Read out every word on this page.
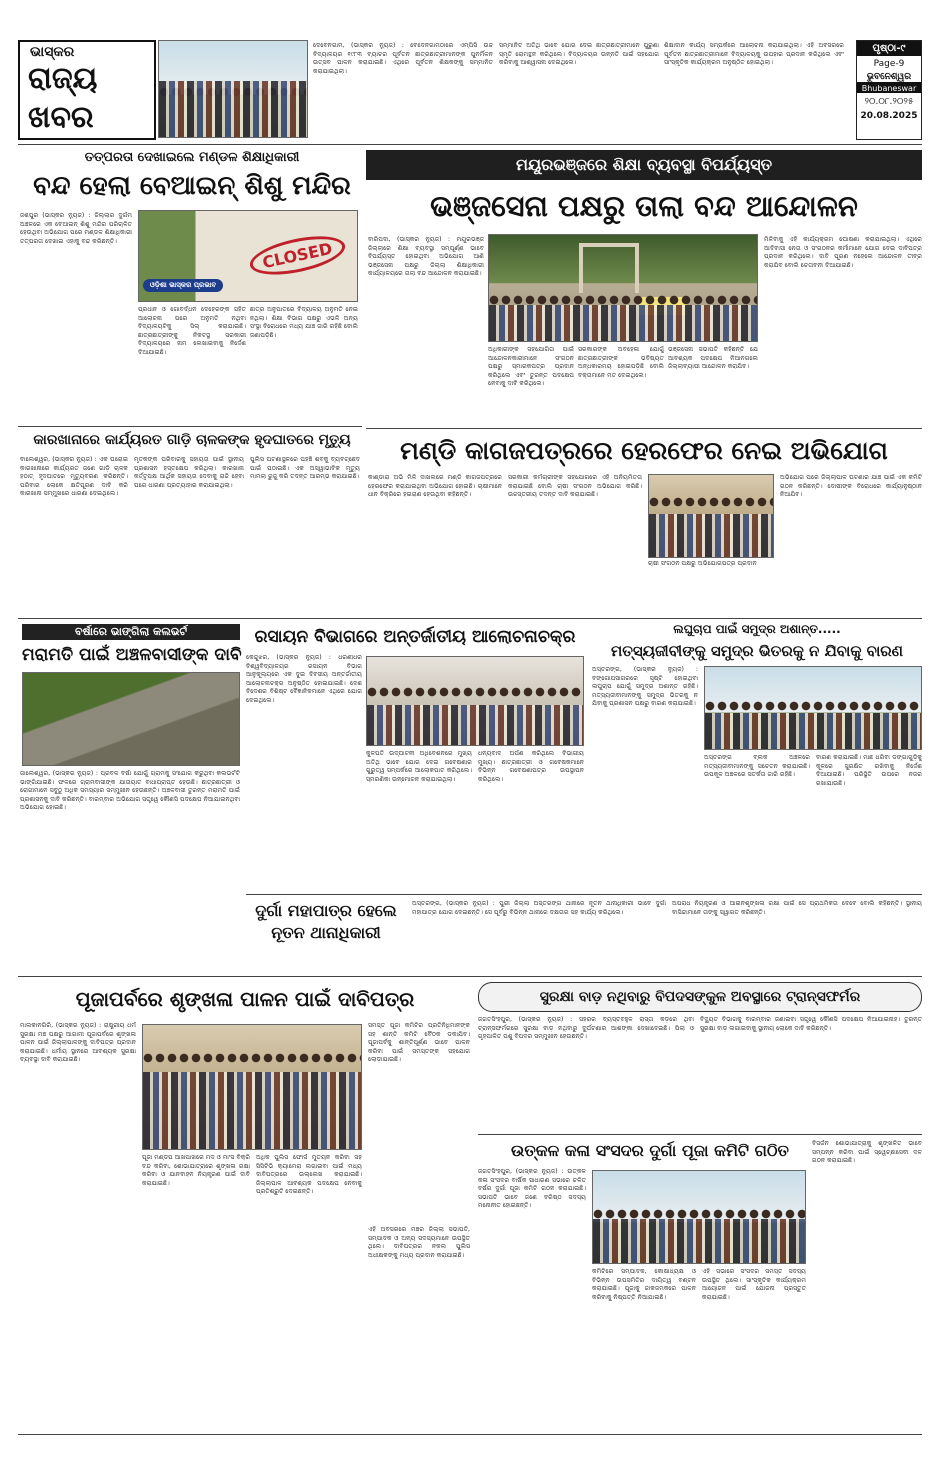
ଭାସ୍କର
ରାଜ୍ୟ
ଖବର
ଦେବେନଗାମ, (ଭାସ୍କର ନ୍ୟୁଜ) : ବେଦେନଗାମଠାରେ ଏମ୍‌ପିସି ଉଚ୍ଚ ବିଦ୍ୟାଳୟର ୧୯୮୩ ବ୍ୟାଚର ପୂର୍ବତନ ଛାତ୍ରଛାତ୍ରୀମାନଙ୍କ ପୁନର୍ମିଳନ ଉତ୍ସବ ପାଳନ କରାଯାଇଛି। ଏଥିରେ ପୂର୍ବତନ ଶିକ୍ଷକଙ୍କୁ ସମ୍ମାନିତ କରାଯାଇଥିଲା।
ସମ୍ମାନିତ ଅତିଥି ଭାବେ ଯୋଗ ଦେଇ ଛାତ୍ରଛାତ୍ରୀମାନେ ପୁରୁଣା ସ୍ମୃତି ରୋମନ୍ଥନ କରିଥିଲେ। ବିଦ୍ୟାଳୟର ଉନ୍ନତି ପାଇଁ ସହଯୋଗ କରିବାକୁ ଆଶ୍ୱାସନା ଦେଇଥିଲେ।
ଶିକ୍ଷାଦାନ କାର୍ଯ୍ୟ ସମ୍ପର୍କରେ ଆଲୋଚନା କରାଯାଇଥିଲା। ଏହି ଅବସରରେ ପୂର୍ବତନ ଛାତ୍ରଛାତ୍ରୀମାନେ ବିଦ୍ୟାଳୟକୁ ଉପହାର ପ୍ରଦାନ କରିଥିଲେ ଏବଂ ସାଂସ୍କୃତିକ କାର୍ଯ୍ୟକ୍ରମ ଅନୁଷ୍ଠିତ ହୋଇଥିଲା।
ପୃଷ୍ଠା-୯
Page-9
ଭୁବନେଶ୍ୱର
Bhubaneswar
୨୦.୦୮.୨୦୨୫
20.08.2025
ତତ୍ପରତା ଦେଖାଇଲେ ମଣ୍ଡଳ ଶିକ୍ଷାଧିକାରୀ
ବନ୍ଦ ହେଲା ବେଆଇନ୍ ଶିଶୁ ମନ୍ଦିର
ଜଶପୁର (ଭାସ୍କର ନ୍ୟୁଜ) : ଜିଲ୍ଲାର ଦୁର୍ଗମ ଅଞ୍ଚଳରେ ଏକ ବେଆଇନ୍ ଶିଶୁ ମନ୍ଦିର ପରିଚାଳିତ ହେଉଥିବା ଅଭିଯୋଗ ପରେ ମଣ୍ଡଳ ଶିକ୍ଷାଧିକାରୀ ତତ୍ପରତା ଦେଖାଇ ଏହାକୁ ବନ୍ଦ କରିଛନ୍ତି।	CLOSED
ଓଡ଼ିଶା ଭାସ୍କର ପ୍ରଭାବ
ପ୍ରଧାନ ଓ ଗୋବର୍ଦ୍ଧନ ଦେହେରଙ୍କ ସହିତ ଆଲୋଚନା ପରେ ଅନୁମତି ନଥିବା ବିଦ୍ୟାଳୟଟିକୁ ସିଲ୍ କରାଯାଇଛି। ଛାତ୍ରଛାତ୍ରୀଙ୍କୁ ନିକଟସ୍ଥ ସରକାରୀ ବିଦ୍ୟାଳୟରେ ନାମ ଲେଖାଇବାକୁ ନିର୍ଦ୍ଦେଶ ଦିଆଯାଇଛି।
ଛାତ୍ର ଅନୁପାତରେ ବିଦ୍ୟାଳୟ ଅନୁମତି ନେଇ ନଥିଲା। ଶିକ୍ଷା ବିଭାଗ ପକ୍ଷରୁ ଏଭଳି ଅନ୍ୟ ସଂସ୍ଥା ବିରୋଧରେ ମଧ୍ୟ ଯାଞ୍ଚ ଜାରି ରହିଛି ବୋଲି ଜଣାପଡ଼ିଛି।
ମୟୂରଭଞ୍ଜରେ ଶିକ୍ଷା ବ୍ୟବସ୍ଥା ବିପର୍ଯ୍ୟସ୍ତ
ଭଞ୍ଜସେନା ପକ୍ଷରୁ ତାଲା ବନ୍ଦ ଆନ୍ଦୋଳନ
ବାରିପଦା, (ଭାସ୍କର ନ୍ୟୁଜ) : ମୟୂରଭଞ୍ଜ ଜିଲ୍ଲାରେ ଶିକ୍ଷା ବ୍ୟବସ୍ଥା ସମ୍ପୂର୍ଣ୍ଣ ଭାବେ ବିପର୍ଯ୍ୟସ୍ତ ହୋଇଥିବା ଅଭିଯୋଗ ଆଣି ଭଞ୍ଜସେନା ପକ୍ଷରୁ ଜିଲ୍ଲା ଶିକ୍ଷାଧିକାରୀ କାର୍ଯ୍ୟାଳୟରେ ତାଲା ବନ୍ଦ ଆନ୍ଦୋଳନ କରାଯାଇଛି।
ମିଳିବାକୁ ଏହି କାର୍ଯ୍ୟକ୍ରମ ଘୋଷଣା କରାଯାଇଥିଲା। ଏଥିରେ ଆଦିବାସୀ ନେତା ଓ ସଂଗଠନର କର୍ମୀମାନେ ଯୋଗ ଦେଇ ଦାବିପତ୍ର ପ୍ରଦାନ କରିଥିଲେ। ଦାବି ପୂରଣ ନହେଲେ ଆନ୍ଦୋଳନ ତୀବ୍ର କରାଯିବ ବୋଲି ଚେତାବନୀ ଦିଆଯାଇଛି।
ଅଧିକାରୀଙ୍କ ସହଯୋଗିତା ପାଇଁ ଆନ୍ଦୋଳନକାରୀମାନେ ସଂଗଠନ ପକ୍ଷରୁ ସ୍ମାରକପତ୍ର ପ୍ରଦାନ କରିଥିଲେ ଏବଂ ତୁରନ୍ତ ପଦକ୍ଷେପ ନେବାକୁ ଦାବି କରିଥିଲେ।
ସରକାରଙ୍କ ଅବହେଳା ଯୋଗୁଁ ଛାତ୍ରଛାତ୍ରୀଙ୍କ ଭବିଷ୍ୟତ ଅନ୍ଧକାରମୟ ହୋଇପଡ଼ିଛି ବୋଲି ବକ୍ତାମାନେ ମତ ଦେଇଥିଲେ।
ଭଞ୍ଜସେନା ସଭାପତି କହିଛନ୍ତି ଯେ ଆବଶ୍ୟକ ପଦକ୍ଷେପ ନିଆନଗଲେ ଜିଲ୍ଲାବ୍ୟାପୀ ଆନ୍ଦୋଳନ କରାଯିବ।
କାରଖାନାରେ କାର୍ଯ୍ୟରତ ଗାଡ଼ି ଚାଳକଙ୍କ ହୃଦଘାତରେ ମୃତ୍ୟୁ
ବାଲେଶ୍ୱର, (ଭାସ୍କର ନ୍ୟୁଜ) : ଏକ ଘରୋଇ କାରଖାନାରେ କାର୍ଯ୍ୟରତ ଜଣେ ଗାଡ଼ି ଚାଳକ ହଠାତ୍ ହୃଦଘାତରେ ମୃତ୍ୟୁବରଣ କରିଛନ୍ତି। ପରିବାର ଲୋକେ କ୍ଷତିପୂରଣ ଦାବି କରି କାରଖାନା ସମ୍ମୁଖରେ ଧାରଣା ଦେଇଥିଲେ।
ମୃତକଙ୍କ ପରିବାରକୁ ସହାୟତା ପାଇଁ ସ୍ଥାନୀୟ ପ୍ରଶାସନ ହସ୍ତକ୍ଷେପ କରିଥିଲା। କାରଖାନା କର୍ତ୍ତୃପକ୍ଷ ଆର୍ଥିକ ସହାୟତା ଦେବାକୁ ରାଜି ହେବା ପରେ ଧାରଣା ପ୍ରତ୍ୟାହାର କରାଯାଇଥିଲା।
ପୁଲିସ ଘଟଣାସ୍ଥଳରେ ପହଞ୍ଚି ଶବକୁ ବ୍ୟବଚ୍ଛେଦ ପାଇଁ ପଠାଇଛି। ଏକ ଅସ୍ୱାଭାବିକ ମୃତ୍ୟୁ ମାମଲା ରୁଜୁ କରି ତଦନ୍ତ ଆରମ୍ଭ କରାଯାଇଛି।
ମଣ୍ଡି କାଗଜପତ୍ରରେ ହେରଫେର ନେଇ ଅଭିଯୋଗ
କାଣ୍ଡାରା ଅଭି ମିଳି ଦାଖଲରେ ମଣ୍ଡି କାଗଜପତ୍ରରେ ହେରଫେର କରାଯାଇଥିବା ଅଭିଯୋଗ ହୋଇଛି। ଚାଷୀମାନେ ଧାନ ବିକ୍ରିରେ ହଇରାଣ ହେଉଥିବା କହିଛନ୍ତି।
ସରକାରୀ କର୍ମଚାରୀଙ୍କ ସହଯୋଗରେ ଏହି ଅନିୟମିତତା କରାଯାଇଛି ବୋଲି ଚାଷୀ ସଂଗଠନ ଅଭିଯୋଗ କରିଛି। ଉଚ୍ଚସ୍ତରୀୟ ତଦନ୍ତ ଦାବି କରାଯାଇଛି।
ଚାଷୀ ସଂଗଠନ ପକ୍ଷରୁ ଅଭିଯୋଗପତ୍ର ପ୍ରଦାନ
ଅଭିଯୋଗ ପରେ ଜିଲ୍ଲାପାଳ ଘଟଣାର ଯାଞ୍ଚ ପାଇଁ ଏକ କମିଟି ଗଠନ କରିଛନ୍ତି। ଦୋଷୀଙ୍କ ବିରୋଧରେ କାର୍ଯ୍ୟାନୁଷ୍ଠାନ ନିଆଯିବ।
ବର୍ଷାରେ ଭାଙ୍ଗିଲା କଲଭର୍ଟ
ମରାମତି ପାଇଁ ଅଞ୍ଚଳବାସୀଙ୍କ ଦାବି
ଜାଲେଶ୍ୱର, (ଭାସ୍କର ନ୍ୟୁଜ) : ପ୍ରବଳ ବର୍ଷା ଯୋଗୁଁ ଗ୍ରାମକୁ ସଂଯୋଗ କରୁଥିବା କଲଭର୍ଟଟି ଭାଙ୍ଗିଯାଇଛି। ଫଳରେ ଗ୍ରାମବାସୀଙ୍କ ଯାତାୟାତ ବାଧାପ୍ରାପ୍ତ ହେଉଛି। ଛାତ୍ରଛାତ୍ରୀ ଓ ରୋଗୀମାନେ ସବୁଠୁ ଅଧିକ ସମସ୍ୟାର ସମ୍ମୁଖୀନ ହେଉଛନ୍ତି। ଅଞ୍ଚଳବାସୀ ତୁରନ୍ତ ମରାମତି ପାଇଁ ପ୍ରଶାସନକୁ ଦାବି କରିଛନ୍ତି। ବାରମ୍ବାର ଅଭିଯୋଗ ସତ୍ତ୍ୱେ କୌଣସି ପଦକ୍ଷେପ ନିଆଯାଇନଥିବା ଅଭିଯୋଗ ହୋଇଛି।
ରସାୟନ ବିଭାଗରେ ଅନ୍ତର୍ଜାତୀୟ ଆଲୋଚନାଚକ୍ର
କେନ୍ଦୁଝର, (ଭାସ୍କର ନ୍ୟୁଜ) : ଧରଣୀଧର ବିଶ୍ୱବିଦ୍ୟାଳୟର ରସାୟନ ବିଭାଗ ଆନୁକୂଲ୍ୟରେ ଏକ ଦୁଇ ଦିବସୀୟ ଅନ୍ତର୍ଜାତୀୟ ଆଲୋଚନାଚକ୍ର ଅନୁଷ୍ଠିତ ହୋଇଯାଇଛି। ଦେଶ ବିଦେଶର ବିଶିଷ୍ଟ ବୈଜ୍ଞାନିକମାନେ ଏଥିରେ ଯୋଗ ଦେଇଥିଲେ।
କୁଳପତି ଉଦ୍‌ଘାଟନୀ ଅଧିବେଶନରେ ମୁଖ୍ୟ ଅତିଥି ଭାବେ ଯୋଗ ଦେଇ ଗବେଷଣାର ଗୁରୁତ୍ୱ ସମ୍ପର୍କରେ ଆଲୋକପାତ କରିଥିଲେ। ସ୍ମରଣିକା ଉନ୍ମୋଚନ କରାଯାଇଥିଲା।
ଧନ୍ୟବାଦ ଅର୍ପଣ କରିଥିଲେ ବିଭାଗୀୟ ମୁଖ୍ୟ। ଛାତ୍ରଛାତ୍ରୀ ଓ ଗବେଷକମାନେ ବିଭିନ୍ନ ଗବେଷଣାପତ୍ର ଉପସ୍ଥାପନ କରିଥିଲେ।
ଲଘୁଚାପ ପାଇଁ ସମୁଦ୍ର ଅଶାନ୍ତ.....
ମତ୍ସ୍ୟଜୀବୀଙ୍କୁ ସମୁଦ୍ର ଭିତରକୁ ନ ଯିବାକୁ ବାରଣ
ଅସ୍ତରଙ୍ଗ, (ଭାସ୍କର ନ୍ୟୁଜ) : ବଙ୍ଗୋପସାଗରରେ ସୃଷ୍ଟି ହୋଇଥିବା ଲଘୁଚାପ ଯୋଗୁଁ ସମୁଦ୍ର ଅଶାନ୍ତ ରହିଛି। ମତ୍ସ୍ୟଜୀବୀମାନଙ୍କୁ ସମୁଦ୍ର ଭିତରକୁ ନ ଯିବାକୁ ପ୍ରଶାସନ ପକ୍ଷରୁ ବାରଣ କରାଯାଇଛି।
ଅସ୍ତରଙ୍ଗ ବ୍ଲକ ଅଞ୍ଚଳରେ ମତ୍ସ୍ୟଜୀବୀମାନଙ୍କୁ ସଚେତନ କରାଯାଇଛି। ଉପକୂଳ ଅଞ୍ଚଳରେ ସତର୍କତା ଜାରି ରହିଛି।
ବାରଣ କରାଯାଇଛି। ମାଛ ଧରିବା ଡଙ୍ଗାଗୁଡ଼ିକୁ କୂଳରେ ସୁରକ୍ଷିତ ରଖିବାକୁ ନିର୍ଦ୍ଦେଶ ଦିଆଯାଇଛି। ପରିସ୍ଥିତି ଉପରେ ନଜର ରଖାଯାଉଛି।
ଦୁର୍ଗା ମହାପାତ୍ର ହେଲେ ନୂତନ ଥାନାଧିକାରୀ
ଅସ୍ତରଙ୍ଗ, (ଭାସ୍କର ନ୍ୟୁଜ) : ପୁରୀ ଜିଲ୍ଲା ଅସ୍ତରଙ୍ଗ ଥାନାରେ ନୂତନ ଥାନାଧିକାରୀ ଭାବେ ଦୁର୍ଗା ମହାପାତ୍ର ଯୋଗ ଦେଇଛନ୍ତି। ସେ ପୂର୍ବରୁ ବିଭିନ୍ନ ଥାନାରେ ଦକ୍ଷତାର ସହ କାର୍ଯ୍ୟ କରିଥିଲେ।
ଅପରାଧ ନିୟନ୍ତ୍ରଣ ଓ ଆଇନଶୃଙ୍ଖଳା ରକ୍ଷା ପାଇଁ ସେ ପ୍ରାଥମିକତା ଦେବେ ବୋଲି କହିଛନ୍ତି। ସ୍ଥାନୀୟ ବାସିନ୍ଦାମାନେ ତାଙ୍କୁ ସ୍ୱାଗତ କରିଛନ୍ତି।
ପୂଜାପର୍ବରେ ଶୃଙ୍ଖଳା ପାଳନ ପାଇଁ ଦାବିପତ୍ର
ମାଲକାନଗିରି, (ଭାସ୍କର ନ୍ୟୁଜ) : ରାଷ୍ଟ୍ରୀୟ ଧର୍ମ ସୁରକ୍ଷା ମଞ୍ଚ ପକ୍ଷରୁ ଆଗାମୀ ପୂଜାପର୍ବରେ ଶୃଙ୍ଖଳା ପାଳନ ପାଇଁ ଜିଲ୍ଲାପାଳଙ୍କୁ ଦାବିପତ୍ର ପ୍ରଦାନ କରାଯାଇଛି। ଧର୍ମୀୟ ସ୍ଥାନରେ ଆବଶ୍ୟକ ସୁରକ୍ଷା ବ୍ୟବସ୍ଥା ଦାବି କରାଯାଇଛି।
ପୂଜା ମଣ୍ଡପ ଆଖପାଖରେ ମଦ ଓ ମାଂସ ବିକ୍ରି ବନ୍ଦ କରିବା, ଶୋଭାଯାତ୍ରାରେ ଶୃଙ୍ଖଳା ରକ୍ଷା କରିବା ଓ ଯାନବାହନ ନିୟନ୍ତ୍ରଣ ପାଇଁ ଦାବି କରାଯାଇଛି।
ଅଧିକ ପୁଲିସ ଫୋର୍ସ ମୁତୟନ କରିବା ସହ ସିସିଟିଭି କ୍ୟାମେରା ଲଗାଇବା ପାଇଁ ମଧ୍ୟ ଦାବିପତ୍ରରେ ଉଲ୍ଲେଖ କରାଯାଇଛି। ଜିଲ୍ଲାପାଳ ଆବଶ୍ୟକ ପଦକ୍ଷେପ ନେବାକୁ ପ୍ରତିଶ୍ରୁତି ଦେଇଛନ୍ତି।
ସମସ୍ତ ପୂଜା କମିଟିର ପ୍ରତିନିଧିମାନଙ୍କ ସହ ଶାନ୍ତି କମିଟି ବୈଠକ ଡକାଯିବ। ପୂଜାପର୍ବକୁ ଶାନ୍ତିପୂର୍ଣ୍ଣ ଭାବେ ପାଳନ କରିବା ପାଇଁ ସମସ୍ତଙ୍କ ସହଯୋଗ ଲୋଡ଼ାଯାଇଛି।
ଏହି ଅବସରରେ ମଞ୍ଚର ଜିଲ୍ଲା ସଭାପତି, ସମ୍ପାଦକ ଓ ଅନ୍ୟ ସଦସ୍ୟମାନେ ଉପସ୍ଥିତ ଥିଲେ। ଦାବିପତ୍ରର ନକଲ ପୁଲିସ ଅଧୀକ୍ଷକଙ୍କୁ ମଧ୍ୟ ପ୍ରଦାନ କରାଯାଇଛି।
ସୁରକ୍ଷା ବାଡ଼ ନଥିବାରୁ ବିପଦସଙ୍କୁଳ ଅବସ୍ଥାରେ ଟ୍ରାନ୍ସଫର୍ମର
ଜଗତସିଂହପୁର, (ଭାସ୍କର ନ୍ୟୁଜ) : ସହରର ବ୍ୟସ୍ତବହୁଳ ରାସ୍ତା କଡ଼ରେ ଥିବା ଟ୍ରାନ୍ସଫର୍ମରରେ ସୁରକ୍ଷା ବାଡ଼ ନଥିବାରୁ ଦୁର୍ଘଟଣାର ଆଶଙ୍କା ଦେଖାଦେଇଛି। ପିଲା ଓ ଗୃହପାଳିତ ପଶୁ ବିପଦର ସମ୍ମୁଖୀନ ହେଉଛନ୍ତି।
ବିଦ୍ୟୁତ ବିଭାଗକୁ ବାରମ୍ବାର ଜଣାଇବା ସତ୍ତ୍ୱେ କୌଣସି ପଦକ୍ଷେପ ନିଆଯାଇନାହିଁ। ତୁରନ୍ତ ସୁରକ୍ଷା ବାଡ଼ ଲଗାଇବାକୁ ସ୍ଥାନୀୟ ଲୋକେ ଦାବି କରିଛନ୍ତି।
ଉତ୍କଳ କଳା ସଂସଦର ଦୁର୍ଗା ପୂଜା କମିଟି ଗଠିତ
ଜଗତସିଂହପୁର, (ଭାସ୍କର ନ୍ୟୁଜ) : ଉତ୍କଳ କଳା ସଂସଦର ବାର୍ଷିକ ସାଧାରଣ ସଭାରେ ଚଳିତ ବର୍ଷର ଦୁର୍ଗା ପୂଜା କମିଟି ଗଠନ କରାଯାଇଛି। ସଭାପତି ଭାବେ ଜଣେ ବରିଷ୍ଠ ସଦସ୍ୟ ମନୋନୀତ ହୋଇଛନ୍ତି।
କମିଟିରେ ସମ୍ପାଦକ, କୋଷାଧ୍ୟକ୍ଷ ଓ ବିଭିନ୍ନ ଉପସମିତିର ଦାୟିତ୍ୱ ବଣ୍ଟନ କରାଯାଇଛି। ପୂଜାକୁ ଜାକଜମକରେ ପାଳନ କରିବାକୁ ନିଷ୍ପତ୍ତି ନିଆଯାଇଛି।
ଏହି ସଭାରେ ସଂସଦର ସମସ୍ତ ସଦସ୍ୟ ଉପସ୍ଥିତ ଥିଲେ। ସାଂସ୍କୃତିକ କାର୍ଯ୍ୟକ୍ରମ ଆୟୋଜନ ପାଇଁ ଯୋଜନା ପ୍ରସ୍ତୁତ କରାଯାଇଛି।
ବିସର୍ଜନ ଶୋଭାଯାତ୍ରାକୁ ଶୃଙ୍ଖଳିତ ଭାବେ ସମ୍ପନ୍ନ କରିବା ପାଇଁ ସ୍ୱେଚ୍ଛାସେବୀ ଦଳ ଗଠନ କରାଯାଇଛି।
